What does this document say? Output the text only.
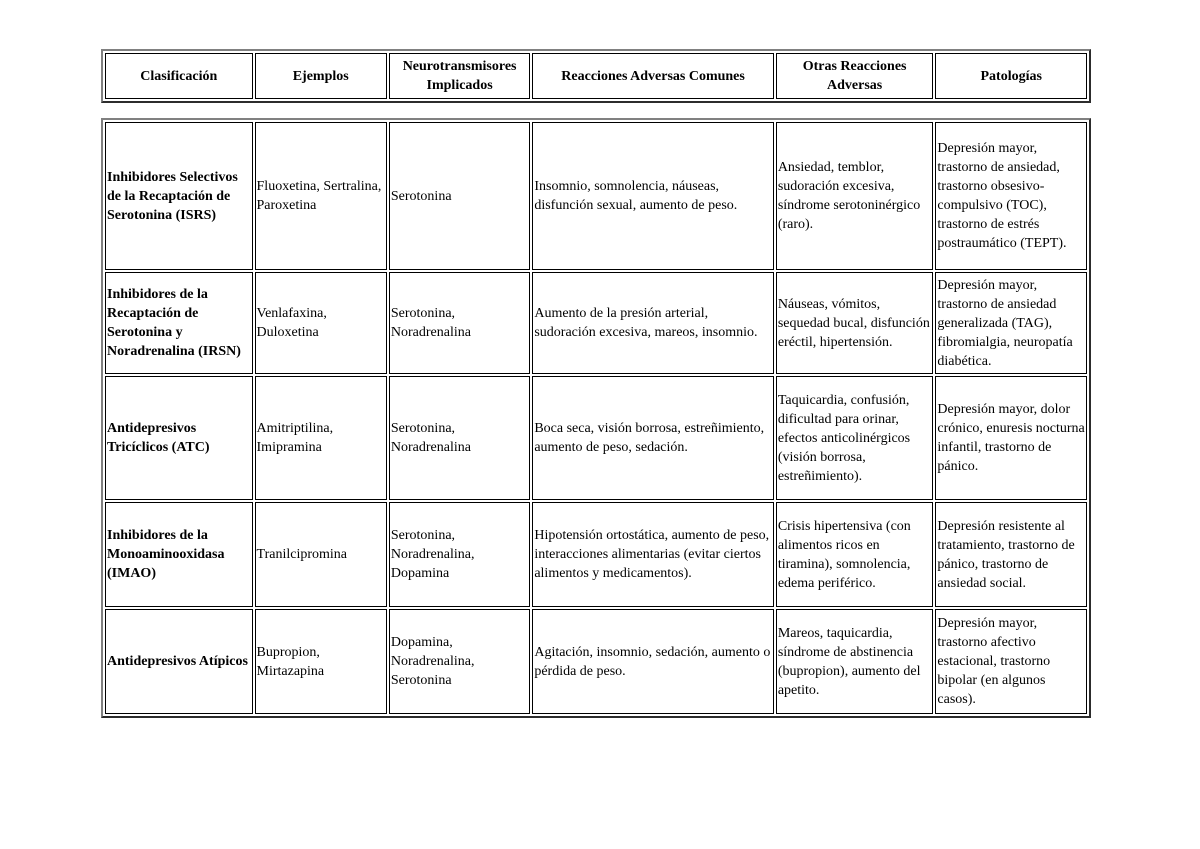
Clasificación	Ejemplos	Neurotransmisores Implicados	Reacciones Adversas Comunes	Otras Reacciones Adversas	Patologías
Inhibidores Selectivos de la Recaptación de Serotonina (ISRS)	Fluoxetina, Sertralina, Paroxetina	Serotonina	Insomnio, somnolencia, náuseas, disfunción sexual, aumento de peso.	Ansiedad, temblor, sudoración excesiva, síndrome serotoninérgico (raro).	Depresión mayor, trastorno de ansiedad, trastorno obsesivo-compulsivo (TOC), trastorno de estrés postraumático (TEPT).
Inhibidores de la Recaptación de Serotonina y Noradrenalina (IRSN)	Venlafaxina, Duloxetina	Serotonina, Noradrenalina	Aumento de la presión arterial, sudoración excesiva, mareos, insomnio.	Náuseas, vómitos, sequedad bucal, disfunción eréctil, hipertensión.	Depresión mayor, trastorno de ansiedad generalizada (TAG), fibromialgia, neuropatía diabética.
Antidepresivos Tricíclicos (ATC)	Amitriptilina, Imipramina	Serotonina, Noradrenalina	Boca seca, visión borrosa, estreñimiento, aumento de peso, sedación.	Taquicardia, confusión, dificultad para orinar, efectos anticolinérgicos (visión borrosa, estreñimiento).	Depresión mayor, dolor crónico, enuresis nocturna infantil, trastorno de pánico.
Inhibidores de la Monoaminooxidasa (IMAO)	Tranilcipromina	Serotonina, Noradrenalina, Dopamina	Hipotensión ortostática, aumento de peso, interacciones alimentarias (evitar ciertos alimentos y medicamentos).	Crisis hipertensiva (con alimentos ricos en tiramina), somnolencia, edema periférico.	Depresión resistente al tratamiento, trastorno de pánico, trastorno de ansiedad social.
Antidepresivos Atípicos	Bupropion, Mirtazapina	Dopamina, Noradrenalina, Serotonina	Agitación, insomnio, sedación, aumento o pérdida de peso.	Mareos, taquicardia, síndrome de abstinencia (bupropion), aumento del apetito.	Depresión mayor, trastorno afectivo estacional, trastorno bipolar (en algunos casos).
